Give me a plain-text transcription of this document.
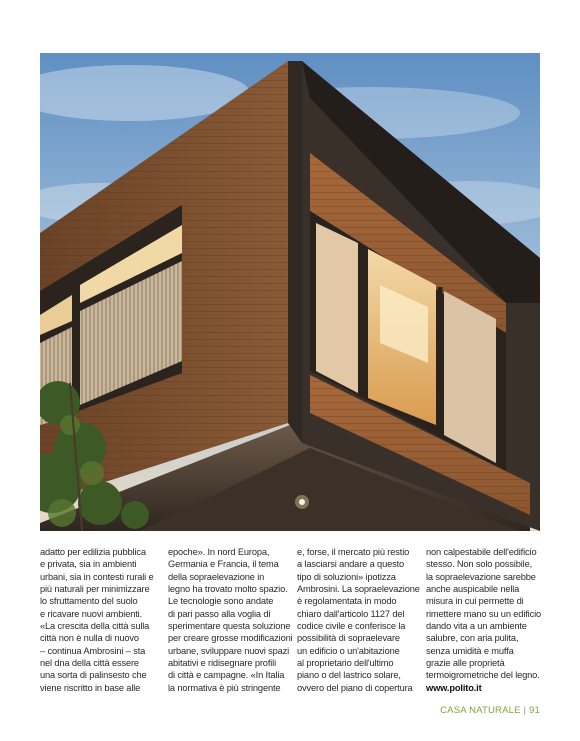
adatto per edilizia pubblica
e privata, sia in ambienti
urbani, sia in contesti rurali e
più naturali per minimizzare
lo sfruttamento del suolo
e ricavare nuovi ambienti.
«La crescita della città sulla
città non è nulla di nuovo
– continua Ambrosini – sta
nel dna della città essere
una sorta di palinsesto che
viene riscritto in base alle

epoche». In nord Europa,
Germania e Francia, il tema
della sopraelevazione in
legno ha trovato molto spazio.
Le tecnologie sono andate
di pari passo alla voglia di
sperimentare questa soluzione
per creare grosse modificazioni
urbane, sviluppare nuovi spazi
abitativi e ridisegnare profili
di città e campagne. «In Italia
la normativa è più stringente

e, forse, il mercato più restio
a lasciarsi andare a questo
tipo di soluzioni» ipotizza
Ambrosini. La sopraelevazione
è regolamentata in modo
chiaro dall'articolo 1127 del
codice civile e conferisce la
possibilità di sopraelevare
un edificio o un'abitazione
al proprietario dell'ultimo
piano o del lastrico solare,
ovvero del piano di copertura

non calpestabile dell'edificio
stesso. Non solo possibile,
la sopraelevazione sarebbe
anche auspicabile nella
misura in cui permette di
rimettere mano su un edificio
dando vita a un ambiente
salubre, con aria pulita,
senza umidità e muffa
grazie alle proprietà
termoigrometriche del legno.
www.polito.it

CASA NATURALE | 91
